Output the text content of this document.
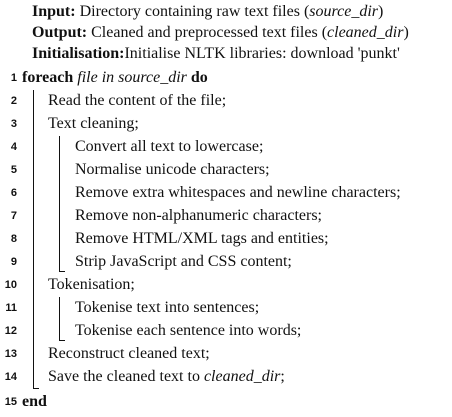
Input: Directory containing raw text files (source_dir)
Output: Cleaned and preprocessed text files (cleaned_dir)
Initialisation:Initialise NLTK libraries: download 'punkt'
1 foreach file in source_dir do
2 Read the content of the file;
3 Text cleaning;
4	Convert all text to lowercase;
5	Normalise unicode characters;
6	Remove extra whitespaces and newline characters;
7	Remove non-alphanumeric characters;
8	Remove HTML/XML tags and entities;
9	Strip JavaScript and CSS content;
10 Tokenisation;
11	Tokenise text into sentences;
12	Tokenise each sentence into words;
13 Reconstruct cleaned text;
14 Save the cleaned text to cleaned_dir;
15 end
